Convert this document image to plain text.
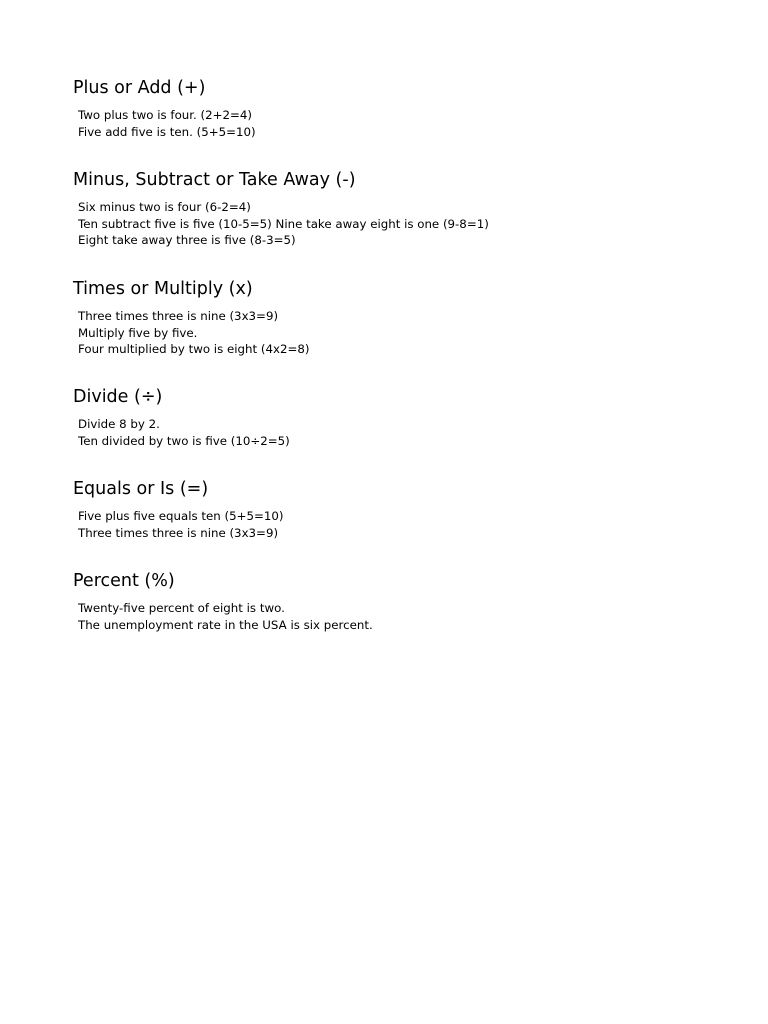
Plus or Add (+)
Two plus two is four. (2+2=4)
Five add five is ten. (5+5=10)
Minus, Subtract or Take Away (-)
Six minus two is four (6-2=4)
Ten subtract five is five (10-5=5) Nine take away eight is one (9-8=1)
Eight take away three is five (8-3=5)
Times or Multiply (x)
Three times three is nine (3x3=9)
Multiply five by five.
Four multiplied by two is eight (4x2=8)
Divide (÷)
Divide 8 by 2.
Ten divided by two is five (10÷2=5)
Equals or Is (=)
Five plus five equals ten (5+5=10)
Three times three is nine (3x3=9)
Percent (%)
Twenty-five percent of eight is two.
The unemployment rate in the USA is six percent.
